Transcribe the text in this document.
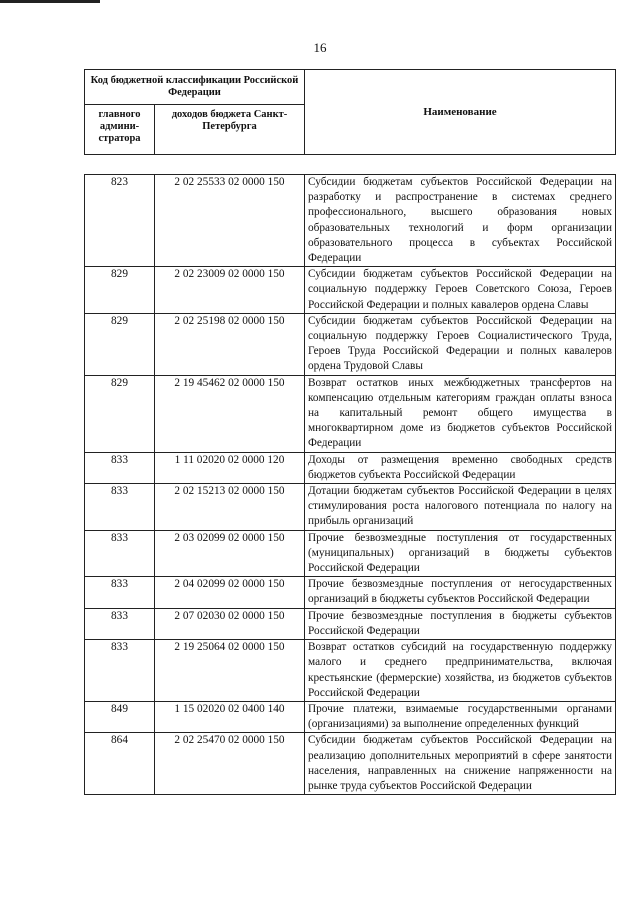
16
Код бюджетной классификации Российской Федерации		Наименование
главного админи-стратора	доходов бюджета Санкт-Петербурга	
823	2 02 25533 02 0000 150	Субсидии бюджетам субъектов Российской Федерации на разработку и распространение в системах среднего профессионального, высшего образования новых образовательных технологий и форм организации образовательного процесса в субъектах Российской Федерации
829	2 02 23009 02 0000 150	Субсидии бюджетам субъектов Российской Федерации на социальную поддержку Героев Советского Союза, Героев Российской Федерации и полных кавалеров ордена Славы
829	2 02 25198 02 0000 150	Субсидии бюджетам субъектов Российской Федерации на социальную поддержку Героев Социалистического Труда, Героев Труда Российской Федерации и полных кавалеров ордена Трудовой Славы
829	2 19 45462 02 0000 150	Возврат остатков иных межбюджетных трансфертов на компенсацию отдельным категориям граждан оплаты взноса на капитальный ремонт общего имущества в многоквартирном доме из бюджетов субъектов Российской Федерации
833	1 11 02020 02 0000 120	Доходы от размещения временно свободных средств бюджетов субъекта Российской Федерации
833	2 02 15213 02 0000 150	Дотации бюджетам субъектов Российской Федерации в целях стимулирования роста налогового потенциала по налогу на прибыль организаций
833	2 03 02099 02 0000 150	Прочие безвозмездные поступления от государственных (муниципальных) организаций в бюджеты субъектов Российской Федерации
833	2 04 02099 02 0000 150	Прочие безвозмездные поступления от негосударственных организаций в бюджеты субъектов Российской Федерации
833	2 07 02030 02 0000 150	Прочие безвозмездные поступления в бюджеты субъектов Российской Федерации
833	2 19 25064 02 0000 150	Возврат остатков субсидий на государственную поддержку малого и среднего предпринимательства, включая крестьянские (фермерские) хозяйства, из бюджетов субъектов Российской Федерации
849	1 15 02020 02 0400 140	Прочие платежи, взимаемые государственными органами (организациями) за выполнение определенных функций
864	2 02 25470 02 0000 150	Субсидии бюджетам субъектов Российской Федерации на реализацию дополнительных мероприятий в сфере занятости населения, направленных на снижение напряженности на рынке труда субъектов Российской Федерации
